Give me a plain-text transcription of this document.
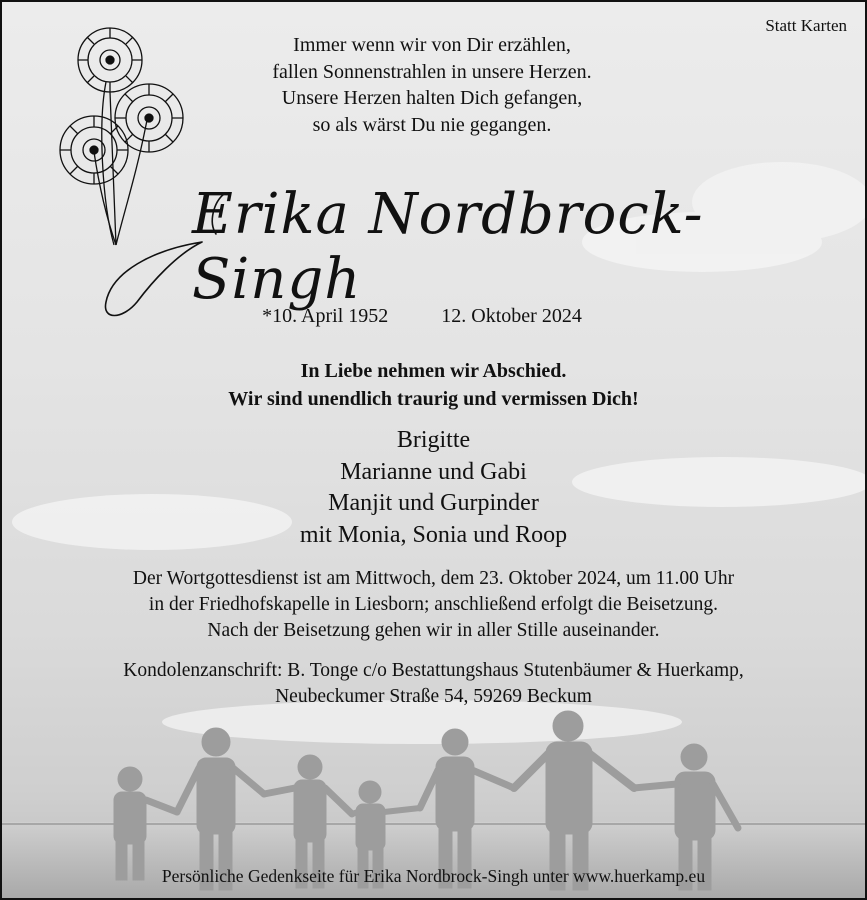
Statt Karten
Immer wenn wir von Dir erzählen,
fallen Sonnenstrahlen in unsere Herzen.
Unsere Herzen halten Dich gefangen,
so als wärst Du nie gegangen.
Erika Nordbrock-Singh
*10. April 1952	12. Oktober 2024
In Liebe nehmen wir Abschied.
Wir sind unendlich traurig und vermissen Dich!
Brigitte
Marianne und Gabi
Manjit und Gurpinder
mit Monia, Sonia und Roop
Der Wortgottesdienst ist am Mittwoch, dem 23. Oktober 2024, um 11.00 Uhr
in der Friedhofskapelle in Liesborn; anschließend erfolgt die Beisetzung.
Nach der Beisetzung gehen wir in aller Stille auseinander.
Kondolenzanschrift: B. Tonge c/o Bestattungshaus Stutenbäumer & Huerkamp,
Neubeckumer Straße 54, 59269 Beckum
Persönliche Gedenkseite für Erika Nordbrock-Singh unter www.huerkamp.eu
